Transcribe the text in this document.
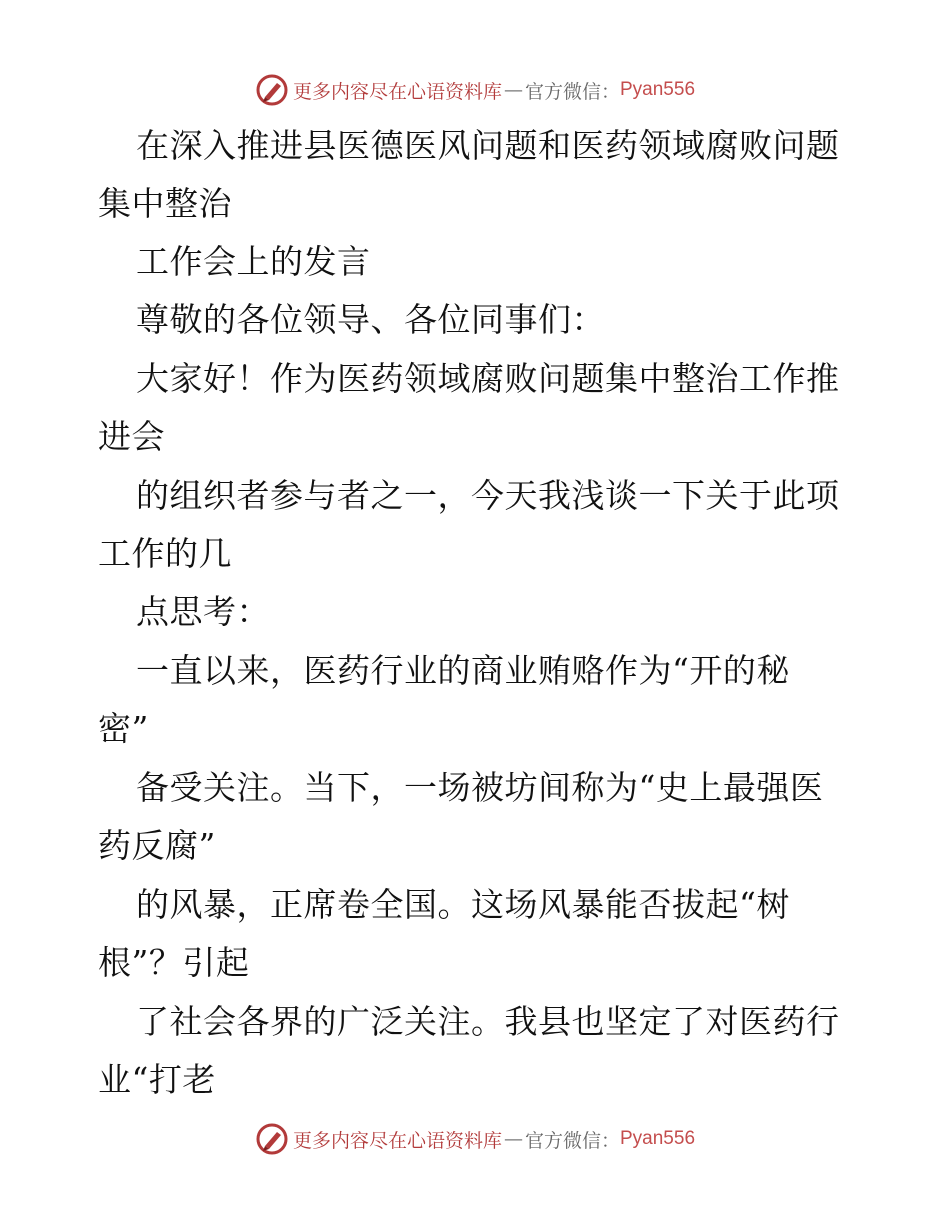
更多内容尽在心语资料库 — 官方微信： Pyan556
在深入推进县医德医风问题和医药领域腐败问题
集中整治
工作会上的发言
尊敬的各位领导、各位同事们：
大家好！作为医药领域腐败问题集中整治工作推
进会
的组织者参与者之一，今天我浅谈一下关于此项
工作的几
点思考：
一直以来，医药行业的商业贿赂作为“开的秘
密”
备受关注。当下，一场被坊间称为“史上最强医
药反腐”
的风暴，正席卷全国。这场风暴能否拔起“树
根”？引起
了社会各界的广泛关注。我县也坚定了对医药行
业“打老
更多内容尽在心语资料库 — 官方微信： Pyan556
